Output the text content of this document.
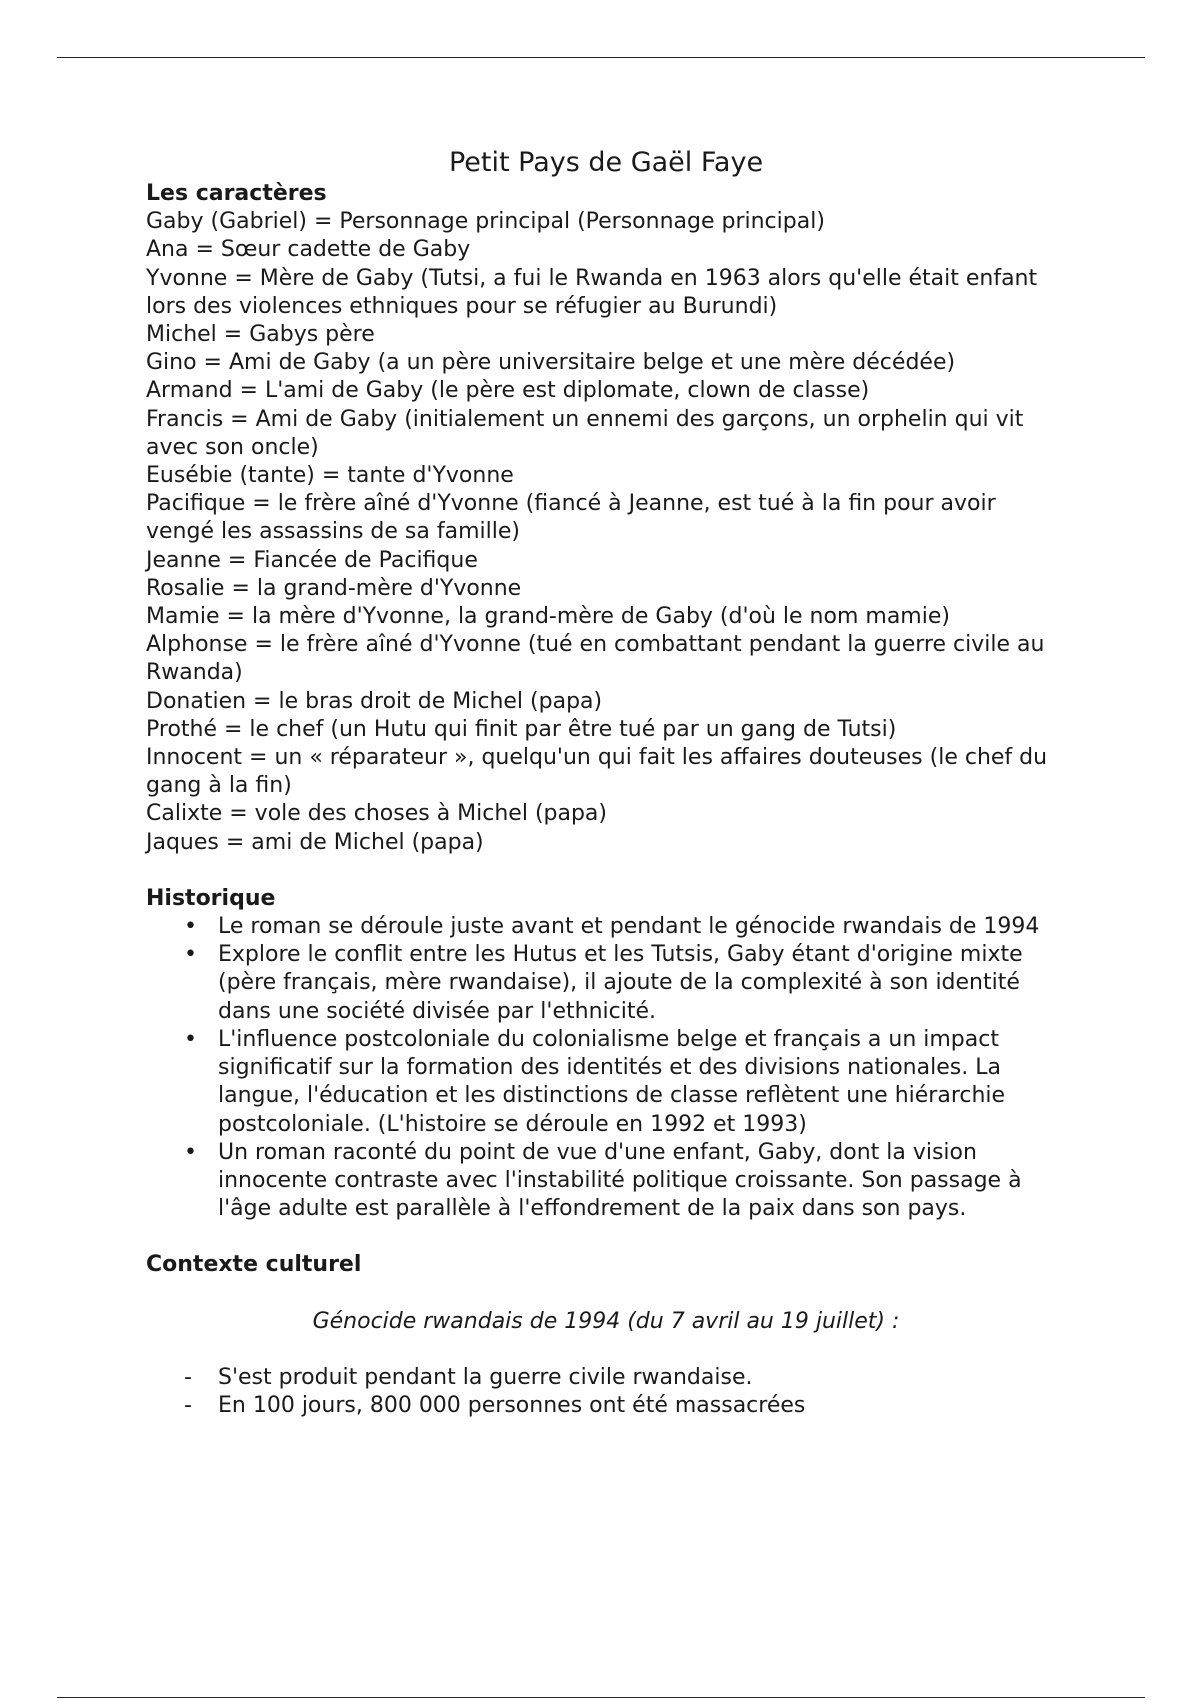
Petit Pays de Gaël Faye

Les caractères

Gaby (Gabriel) = Personnage principal (Personnage principal)

Ana = Sœur cadette de Gaby

Yvonne = Mère de Gaby (Tutsi, a fui le Rwanda en 1963 alors qu'elle était enfant lors des violences ethniques pour se réfugier au Burundi)

Michel = Gabys père

Gino = Ami de Gaby (a un père universitaire belge et une mère décédée)

Armand = L'ami de Gaby (le père est diplomate, clown de classe)

Francis = Ami de Gaby (initialement un ennemi des garçons, un orphelin qui vit avec son oncle)

Eusébie (tante) = tante d'Yvonne

Pacifique = le frère aîné d'Yvonne (fiancé à Jeanne, est tué à la fin pour avoir vengé les assassins de sa famille)

Jeanne = Fiancée de Pacifique

Rosalie = la grand-mère d'Yvonne

Mamie = la mère d'Yvonne, la grand-mère de Gaby (d'où le nom mamie)

Alphonse = le frère aîné d'Yvonne (tué en combattant pendant la guerre civile au Rwanda)

Donatien = le bras droit de Michel (papa)

Prothé = le chef (un Hutu qui finit par être tué par un gang de Tutsi)

Innocent = un « réparateur », quelqu'un qui fait les affaires douteuses (le chef du gang à la fin)

Calixte = vole des choses à Michel (papa)

Jaques = ami de Michel (papa)

Historique

• Le roman se déroule juste avant et pendant le génocide rwandais de 1994
• Explore le conflit entre les Hutus et les Tutsis, Gaby étant d'origine mixte (père français, mère rwandaise), il ajoute de la complexité à son identité dans une société divisée par l'ethnicité.
• L'influence postcoloniale du colonialisme belge et français a un impact significatif sur la formation des identités et des divisions nationales. La langue, l'éducation et les distinctions de classe reflètent une hiérarchie postcoloniale. (L'histoire se déroule en 1992 et 1993)
• Un roman raconté du point de vue d'une enfant, Gaby, dont la vision innocente contraste avec l'instabilité politique croissante. Son passage à l'âge adulte est parallèle à l'effondrement de la paix dans son pays.

Contexte culturel

Génocide rwandais de 1994 (du 7 avril au 19 juillet) :

- S'est produit pendant la guerre civile rwandaise.
- En 100 jours, 800 000 personnes ont été massacrées
